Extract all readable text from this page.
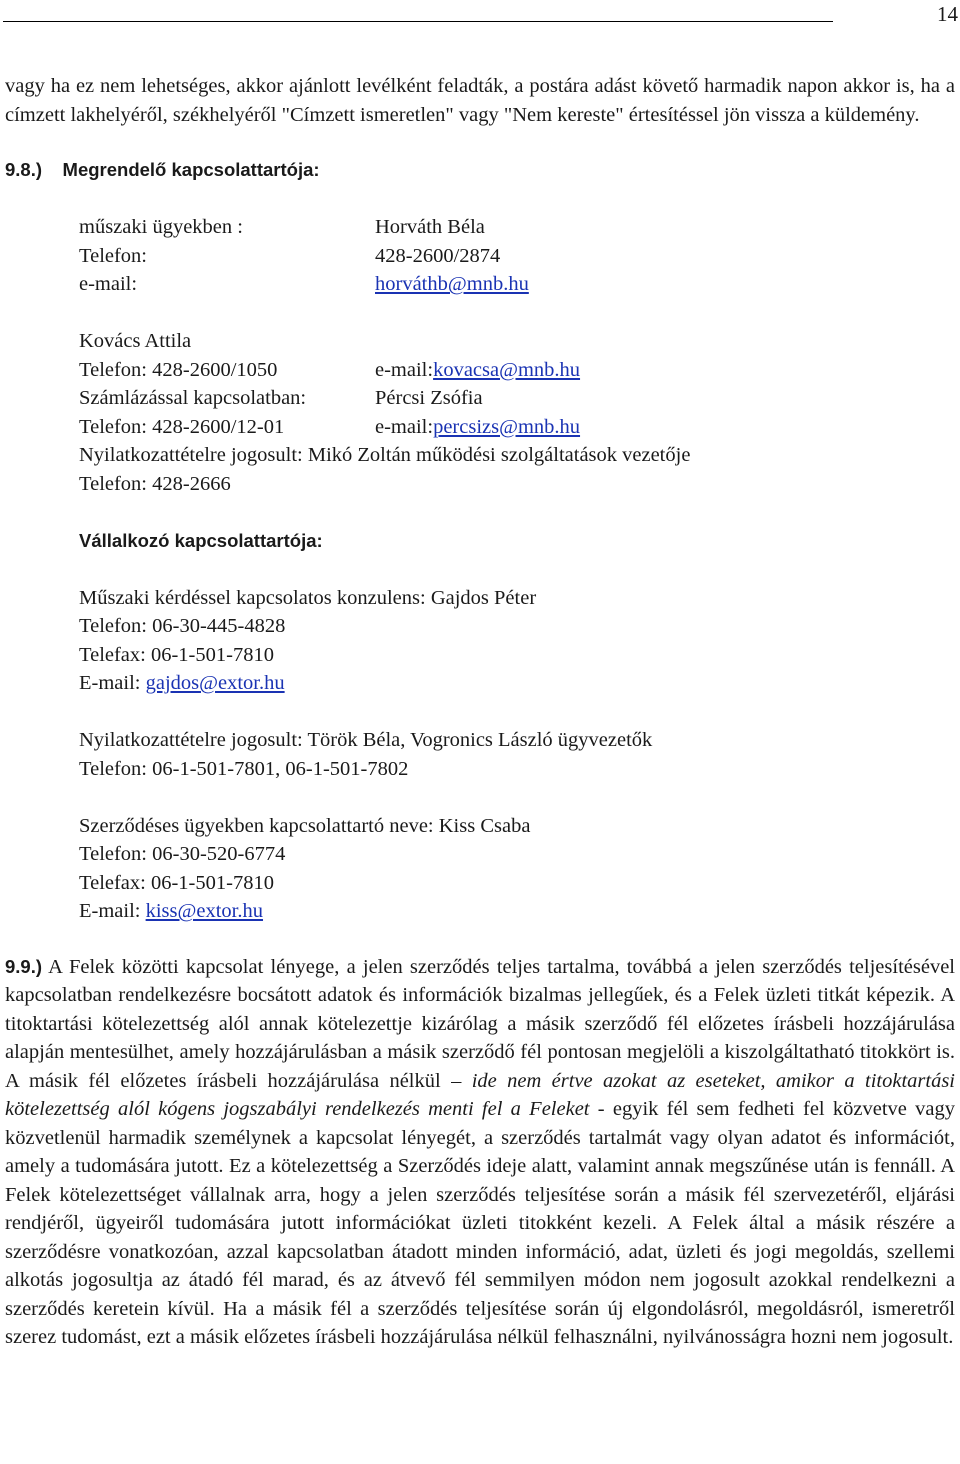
14

vagy ha ez nem lehetséges, akkor ajánlott levélként feladták, a postára adást követő harmadik napon akkor is, ha a címzett lakhelyéről, székhelyéről "Címzett ismeretlen" vagy "Nem kereste" értesítéssel jön vissza a küldemény.

9.8.) Megrendelő kapcsolattartója:

műszaki ügyekben :	Horváth Béla
Telefon:	428-2600/2874
e-mail:	horváthb@mnb.hu
Kovács Attila
Telefon: 428-2600/1050	e-mail: kovacsa@mnb.hu
Számlázással kapcsolatban:	Pércsi Zsófia
Telefon: 428-2600/12-01	e-mail: percsizs@mnb.hu
Nyilatkozattételre jogosult: Mikó Zoltán működési szolgáltatások vezetője
Telefon: 428-2666
Vállalkozó kapcsolattartója:
Műszaki kérdéssel kapcsolatos konzulens: Gajdos Péter
Telefon: 06-30-445-4828
Telefax: 06-1-501-7810
E-mail: gajdos@extor.hu
Nyilatkozattételre jogosult: Török Béla, Vogronics László ügyvezetők
Telefon: 06-1-501-7801, 06-1-501-7802
Szerződéses ügyekben kapcsolattartó neve: Kiss Csaba
Telefon: 06-30-520-6774
Telefax: 06-1-501-7810
E-mail: kiss@extor.hu

9.9.) A Felek közötti kapcsolat lényege, a jelen szerződés teljes tartalma, továbbá a jelen szerződés teljesítésével kapcsolatban rendelkezésre bocsátott adatok és információk bizalmas jellegűek, és a Felek üzleti titkát képezik. A titoktartási kötelezettség alól annak kötelezettje kizárólag a másik szerződő fél előzetes írásbeli hozzájárulása alapján mentesülhet, amely hozzájárulásban a másik szerződő fél pontosan megjelöli a kiszolgáltatható titokkört is. A másik fél előzetes írásbeli hozzájárulása nélkül – ide nem értve azokat az eseteket, amikor a titoktartási kötelezettség alól kógens jogszabályi rendelkezés menti fel a Feleket - egyik fél sem fedheti fel közvetve vagy közvetlenül harmadik személynek a kapcsolat lényegét, a szerződés tartalmát vagy olyan adatot és információt, amely a tudomására jutott. Ez a kötelezettség a Szerződés ideje alatt, valamint annak megszűnése után is fennáll. A Felek kötelezettséget vállalnak arra, hogy a jelen szerződés teljesítése során a másik fél szervezetéről, eljárási rendjéről, ügyeiről tudomására jutott információkat üzleti titokként kezeli. A Felek által a másik részére a szerződésre vonatkozóan, azzal kapcsolatban átadott minden információ, adat, üzleti és jogi megoldás, szellemi alkotás jogosultja az átadó fél marad, és az átvevő fél semmilyen módon nem jogosult azokkal rendelkezni a szerződés keretein kívül. Ha a másik fél a szerződés teljesítése során új elgondolásról, megoldásról, ismeretről szerez tudomást, ezt a másik előzetes írásbeli hozzájárulása nélkül felhasználni, nyilvánosságra hozni nem jogosult.
